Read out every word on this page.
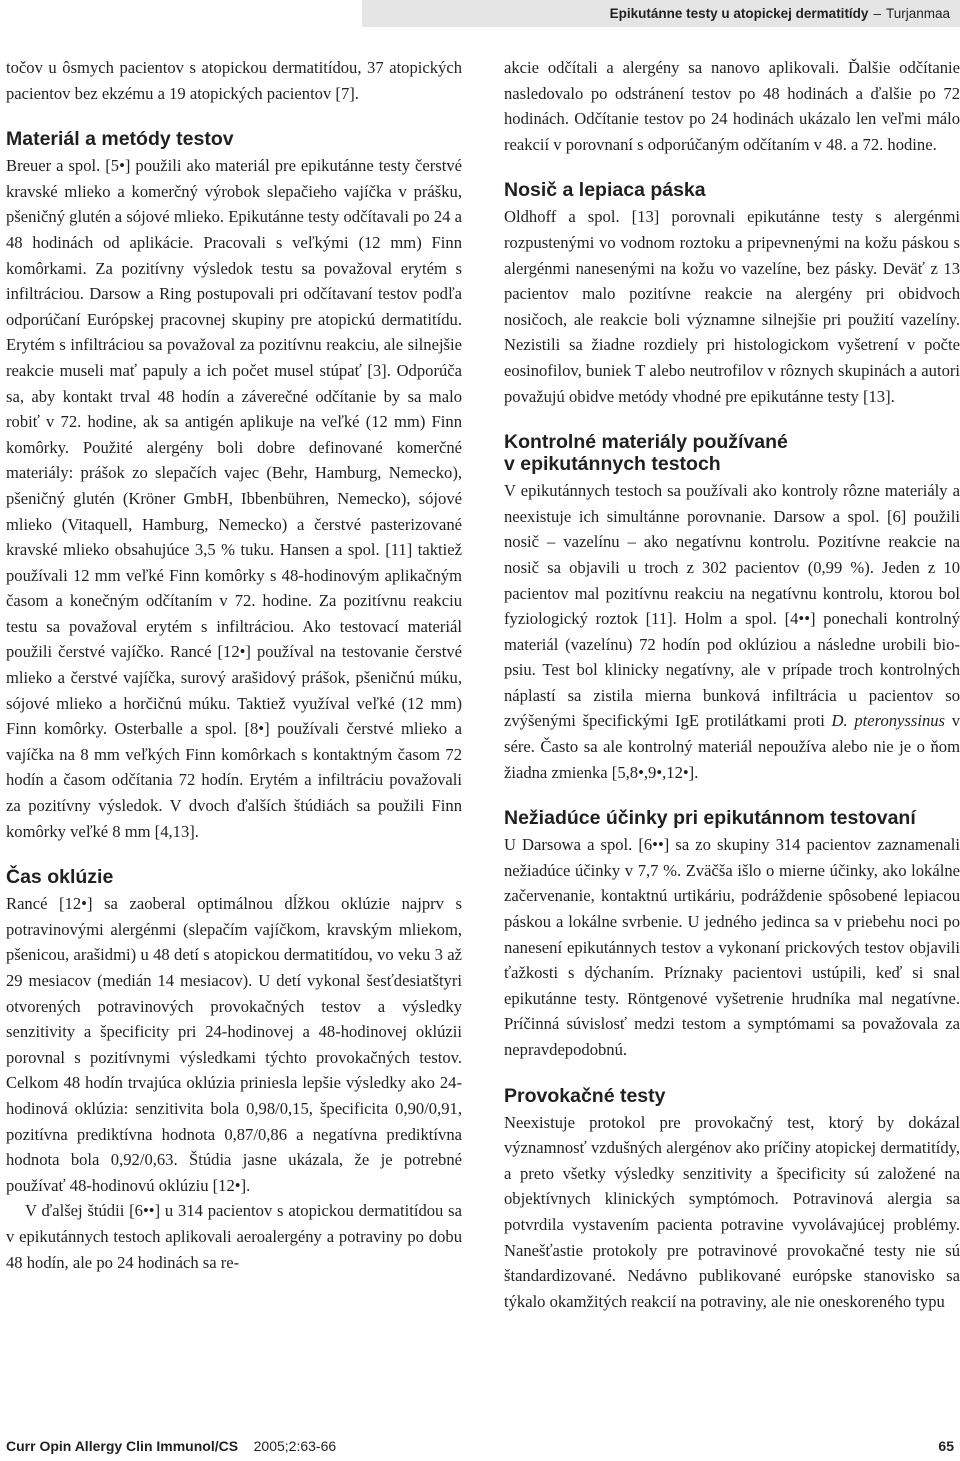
Epikutánne testy u atopickej dermatitídy – Turjanmaa

točov u ôsmych pacientov s atopickou dermatitídou, 37 atopických pacientov bez ekzému a 19 atopických pacientov [7].

Materiál a metódy testov

Breuer a spol. [5•] použili ako materiál pre epikutánne testy čerstvé kravské mlieko a komerčný výrobok slepačieho vajíčka v prášku, pšeničný glutén a sójové mlieko. Epikutánne testy odčítavali po 24 a 48 hodinách od aplikácie. Pracovali s veľkými (12 mm) Finn komôrkami. Za pozitívny výsledok testu sa považoval erytém s infiltráciou. Darsow a Ring postupovali pri odčítavaní testov podľa odporúčaní Európskej pracovnej skupiny pre atopickú dermatitídu. Erytém s infiltráciou sa považoval za pozitívnu reakciu, ale silnejšie reakcie museli mať papuly a ich počet musel stúpať [3]. Odporúča sa, aby kontakt trval 48 hodín a záverečné odčítanie by sa malo robiť v 72. hodine, ak sa antigén aplikuje na veľké (12 mm) Finn komôrky. Použité alergény boli dobre definované komerčné materiály: prášok zo slepačích vajec (Behr, Hamburg, Nemecko), pšeničný glutén (Kröner GmbH, Ibbenbühren, Nemecko), sójové mlieko (Vitaquell, Hamburg, Nemecko) a čerstvé pasterizované kravské mlieko obsahujúce 3,5 % tuku. Hansen a spol. [11] taktiež používali 12 mm veľké Finn komôrky s 48-hodinovým aplikačným časom a konečným odčítaním v 72. hodine. Za pozitívnu reakciu testu sa považoval erytém s infiltráciou. Ako testovací materiál použili čerstvé vajíčko. Rancé [12•] používal na testovanie čerstvé mlieko a čerstvé vajíčka, surový arašidový prášok, pšeničnú múku, sójové mlieko a horčičnú múku. Taktiež využíval veľké (12 mm) Finn komôrky. Osterballe a spol. [8•] používali čerstvé mlieko a vajíčka na 8 mm veľkých Finn komôrkach s kontaktným časom 72 hodín a časom odčítania 72 hodín. Erytém a infiltráciu považovali za pozitívny výsledok. V dvoch ďalších štúdiách sa použili Finn komôrky veľké 8 mm [4,13].

Čas oklúzie

Rancé [12•] sa zaoberal optimálnou dĺžkou oklúzie najprv s potravinovými alergénmi (slepačím vajíčkom, kravským mliekom, pšenicou, arašidmi) u 48 detí s atopickou dermatitídou, vo veku 3 až 29 mesiacov (medián 14 mesiacov). U detí vykonal šesťdesiatštyri otvorených potravinových provokačných testov a výsledky senzitivity a špecificity pri 24-hodinovej a 48-hodinovej oklúzii porovnal s pozitívnymi výsledkami týchto provokačných testov. Celkom 48 hodín trvajúca oklúzia priniesla lepšie výsledky ako 24-hodinová oklúzia: senzitivita bola 0,98/0,15, špecificita 0,90/0,91, pozitívna prediktívna hodnota 0,87/0,86 a negatívna prediktívna hodnota bola 0,92/0,63. Štúdia jasne ukázala, že je potrebné používať 48-hodinovú oklúziu [12•].

V ďalšej štúdii [6••] u 314 pacientov s atopickou dermatitídou sa v epikutánnych testoch aplikovali aeroalergény a potraviny po dobu 48 hodín, ale po 24 hodinách sa re-

akcie odčítali a alergény sa nanovo aplikovali. Ďalšie odčítanie nasledovalo po odstránení testov po 48 hodinách a ďalšie po 72 hodinách. Odčítanie testov po 24 hodinách ukázalo len veľmi málo reakcií v porovnaní s odporúčaným odčítaním v 48. a 72. hodine.

Nosič a lepiaca páska

Oldhoff a spol. [13] porovnali epikutánne testy s alergénmi rozpustenými vo vodnom roztoku a pripevnenými na kožu páskou s alergénmi nanesenými na kožu vo vazelíne, bez pásky. Deväť z 13 pacientov malo pozitívne reakcie na alergény pri obidvoch nosičoch, ale reakcie boli významne silnejšie pri použití vazelíny. Nezistili sa žiadne rozdiely pri histologickom vyšetrení v počte eosinofilov, buniek T alebo neutrofilov v rôznych skupinách a autori považujú obidve metódy vhodné pre epikutánne testy [13].

Kontrolné materiály používané
v epikutánnych testoch

V epikutánnych testoch sa používali ako kontroly rôzne materiály a neexistuje ich simultánne porovnanie. Darsow a spol. [6] použili nosič – vazelínu – ako negatívnu kontrolu. Pozitívne reakcie na nosič sa objavili u troch z 302 pacientov (0,99 %). Jeden z 10 pacientov mal pozitívnu reakciu na negatívnu kontrolu, ktorou bol fyziologický roztok [11]. Holm a spol. [4••] ponechali kontrolný materiál (vazelínu) 72 hodín pod oklúziou a následne urobili biopsiu. Test bol klinicky negatívny, ale v prípade troch kontrolných náplastí sa zistila mierna bunková infiltrácia u pacientov so zvýšenými špecifickými IgE protilátkami proti D. pteronyssinus v sére. Často sa ale kontrolný materiál nepoužíva alebo nie je o ňom žiadna zmienka [5,8•,9•,12•].

Nežiadúce účinky pri epikutánnom testovaní

U Darsowa a spol. [6••] sa zo skupiny 314 pacientov zaznamenali nežiadúce účinky v 7,7 %. Zväčša išlo o mierne účinky, ako lokálne začervenanie, kontaktnú urtikáriu, podráždenie spôsobené lepiacou páskou a lokálne svrbenie. U jedného jedinca sa v priebehu noci po nanesení epikutánnych testov a vykonaní prickových testov objavili ťažkosti s dýchaním. Príznaky pacientovi ustúpili, keď si snal epikutánne testy. Röntgenové vyšetrenie hrudníka mal negatívne. Príčinná súvislosť medzi testom a symptómami sa považovala za nepravdepodobnú.

Provokačné testy

Neexistuje protokol pre provokačný test, ktorý by dokázal významnosť vzdušných alergénov ako príčiny atopickej dermatitídy, a preto všetky výsledky senzitivity a špecificity sú založené na objektívnych klinických symptómoch. Potravinová alergia sa potvrdila vystavením pacienta potravine vyvolávajúcej problémy. Nanešťastie protokoly pre potravinové provokačné testy nie sú štandardizované. Nedávno publikované európske stanovisko sa týkalo okamžitých reakcií na potraviny, ale nie oneskoreného typu

Curr Opin Allergy Clin Immunol/CS 2005;2:63-66	65
